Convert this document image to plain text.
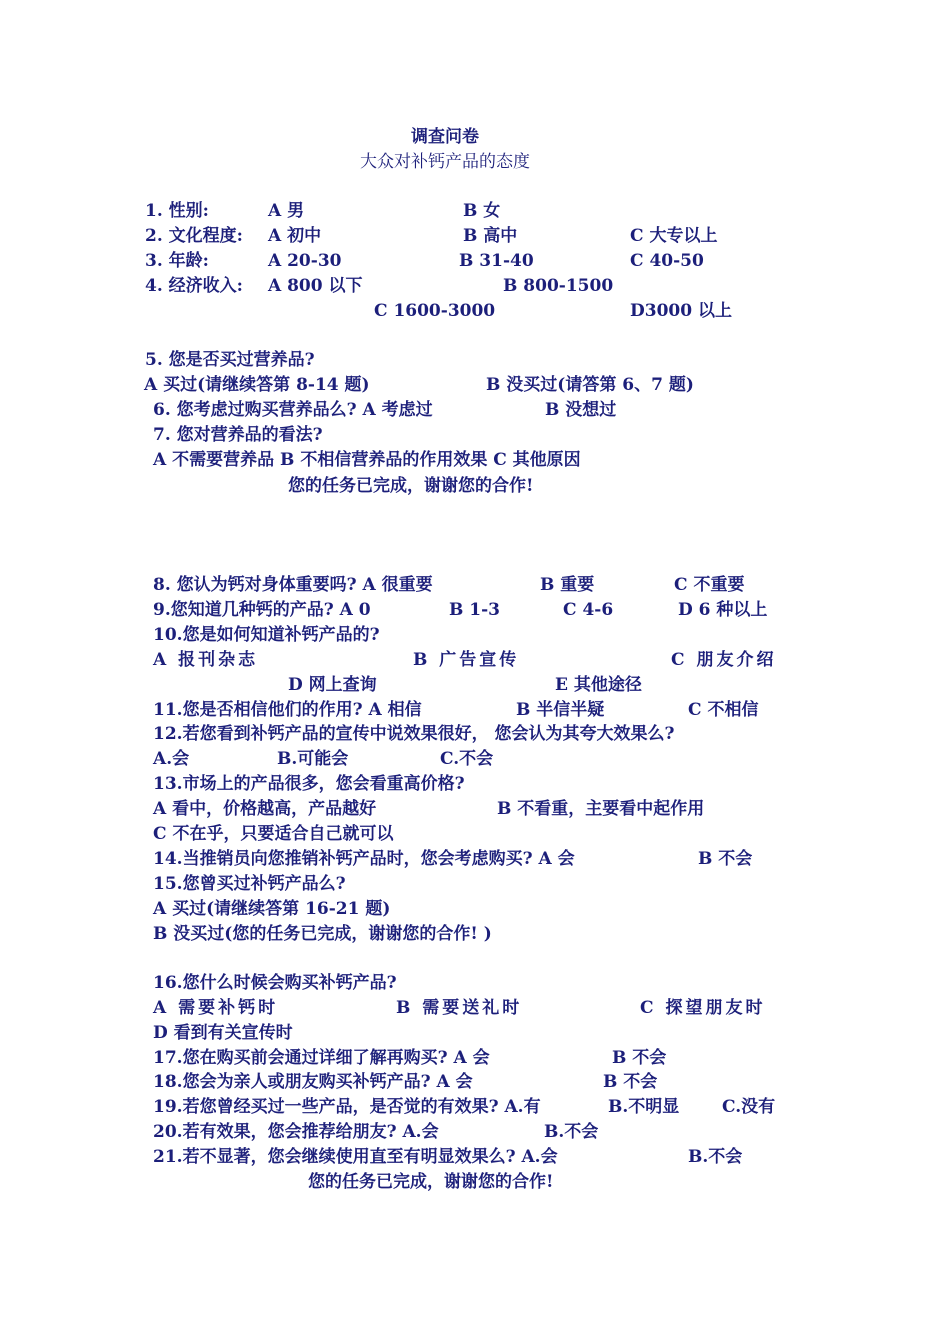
调查问卷
大众对补钙产品的态度
1. 性别:	A 男	B 女
2. 文化程度: A 初中	B 高中	C 大专以上
3. 年龄:	A 20-30	B 31-40	C 40-50
4. 经济收入: A 800 以下	B 800-1500
C 1600-3000	D3000 以上
5. 您是否买过营养品?
A 买过(请继续答第 8-14 题)	B 没买过(请答第 6、7 题)
6. 您考虑过购买营养品么? A 考虑过	B 没想过
7. 您对营养品的看法?
A 不需要营养品 B 不相信营养品的作用效果 C 其他原因
您的任务已完成，谢谢您的合作!
8. 您认为钙对身体重要吗? A 很重要	B 重要	C 不重要
9.您知道几种钙的产品? A 0	B 1-3	C 4-6	D 6 种以上
10.您是如何知道补钙产品的?
A 报刊杂志	B 广告宣传	C 朋友介绍
D 网上查询	E 其他途径
11.您是否相信他们的作用? A 相信	B 半信半疑	C 不相信
12.若您看到补钙产品的宣传中说效果很好， 您会认为其夸大效果么?
A.会	B.可能会	C.不会
13.市场上的产品很多，您会看重高价格?
A 看中，价格越高，产品越好	B 不看重，主要看中起作用
C 不在乎，只要适合自己就可以
14.当推销员向您推销补钙产品时，您会考虑购买? A 会	B 不会
15.您曾买过补钙产品么?
A 买过(请继续答第 16-21 题)
B 没买过(您的任务已完成，谢谢您的合作! )
16.您什么时候会购买补钙产品?
A 需要补钙时	B 需要送礼时	C 探望朋友时
D 看到有关宣传时
17.您在购买前会通过详细了解再购买? A 会	B 不会
18.您会为亲人或朋友购买补钙产品? A 会	B 不会
19.若您曾经买过一些产品，是否觉的有效果? A.有	B.不明显	C.没有
20.若有效果，您会推荐给朋友? A.会	B.不会
21.若不显著，您会继续使用直至有明显效果么? A.会	B.不会
您的任务已完成，谢谢您的合作!
